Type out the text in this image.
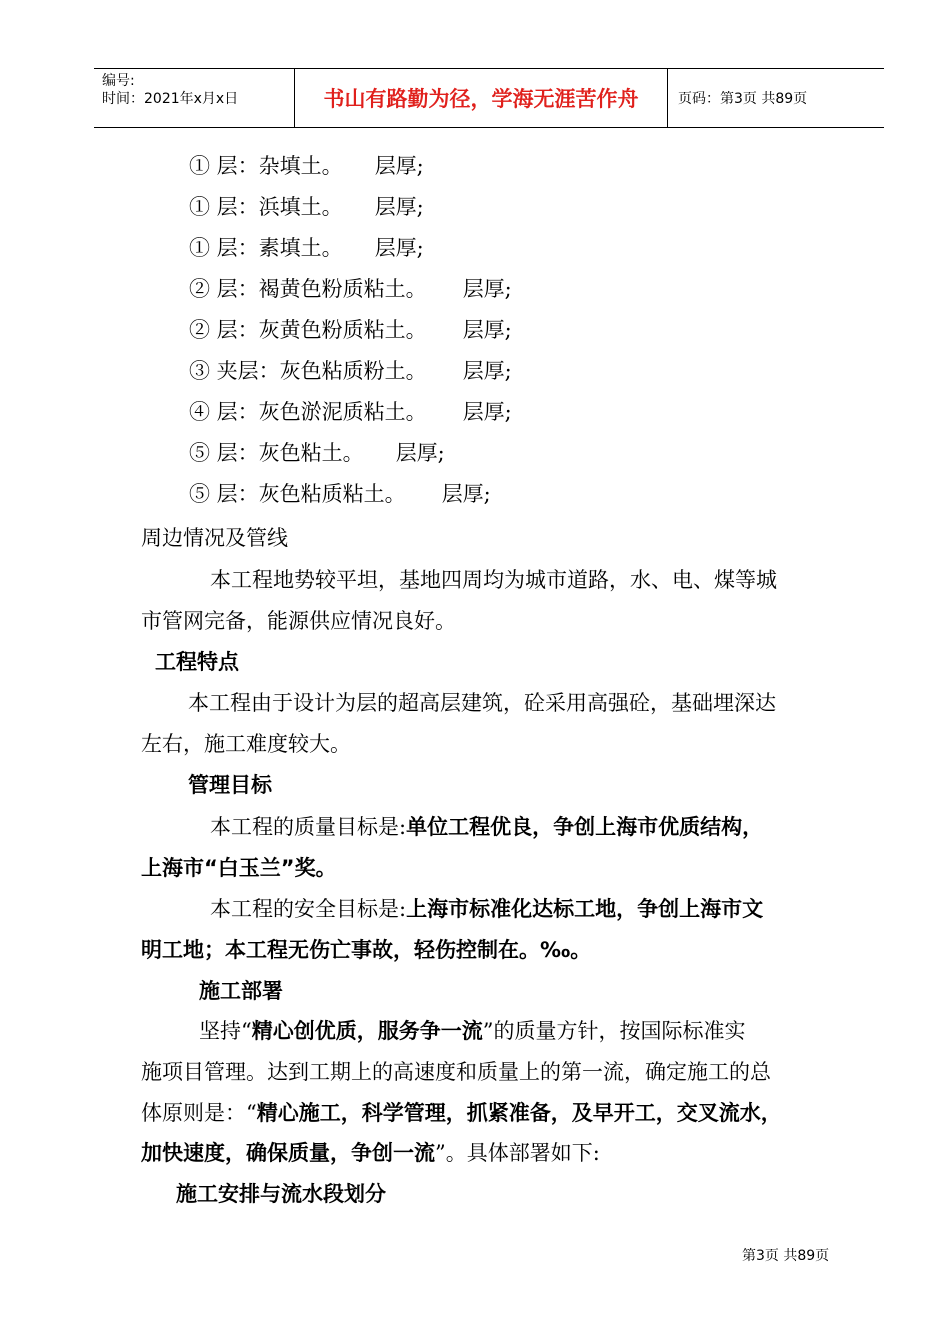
编号:
时间：2021年x月x日	书山有路勤为径，学海无涯苦作舟	页码：第3页 共89页
① 层：杂填土。 层厚;
① 层：浜填土。 层厚;
① 层：素填土。 层厚;
② 层：褐黄色粉质粘土。 层厚;
② 层：灰黄色粉质粘土。 层厚;
③ 夹层：灰色粘质粉土。 层厚;
④ 层：灰色淤泥质粘土。 层厚;
⑤ 层：灰色粘土。 层厚;
⑤ 层：灰色粘质粘土。 层厚;
周边情况及管线
本工程地势较平坦，基地四周均为城市道路，水、电、煤等城
市管网完备，能源供应情况良好。
工程特点
本工程由于设计为层的超高层建筑，砼采用高强砼，基础埋深达
左右，施工难度较大。
管理目标
本工程的质量目标是:单位工程优良，争创上海市优质结构，
上海市“白玉兰”奖。
本工程的安全目标是:上海市标准化达标工地，争创上海市文
明工地；本工程无伤亡事故，轻伤控制在。‰。
施工部署
坚持“精心创优质，服务争一流”的质量方针，按国际标准实
施项目管理。达到工期上的高速度和质量上的第一流，确定施工的总
体原则是：“精心施工，科学管理，抓紧准备，及早开工，交叉流水，
加快速度，确保质量，争创一流”。具体部署如下:
施工安排与流水段划分
第3页 共89页
